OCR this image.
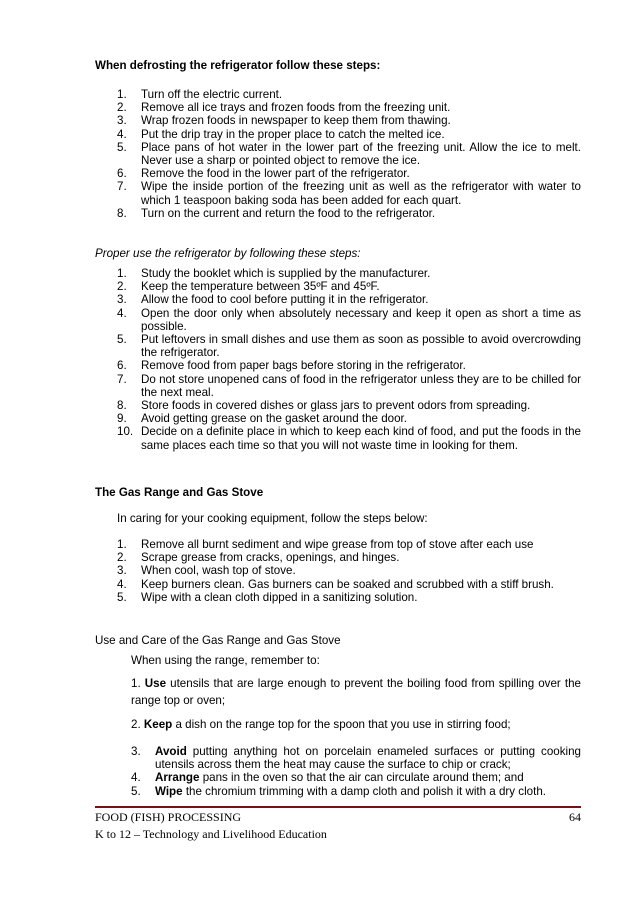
When defrosting the refrigerator follow these steps:
1.	Turn off the electric current.
2.	Remove all ice trays and frozen foods from the freezing unit.
3.	Wrap frozen foods in newspaper to keep them from thawing.
4.	Put the drip tray in the proper place to catch the melted ice.
5.	Place pans of hot water in the lower part of the freezing unit. Allow the ice to melt. Never use a sharp or pointed object to remove the ice.
6.	Remove the food in the lower part of the refrigerator.
7.	Wipe the inside portion of the freezing unit as well as the refrigerator with water to which 1 teaspoon baking soda has been added for each quart.
8.	Turn on the current and return the food to the refrigerator.
Proper use the refrigerator by following these steps:
1.	Study the booklet which is supplied by the manufacturer.
2.	Keep the temperature between 35ºF and 45ºF.
3.	Allow the food to cool before putting it in the refrigerator.
4.	Open the door only when absolutely necessary and keep it open as short a time as possible.
5.	Put leftovers in small dishes and use them as soon as possible to avoid overcrowding the refrigerator.
6.	Remove food from paper bags before storing in the refrigerator.
7.	Do not store unopened cans of food in the refrigerator unless they are to be chilled for the next meal.
8.	Store foods in covered dishes or glass jars to prevent odors from spreading.
9.	Avoid getting grease on the gasket around the door.
10. Decide on a definite place in which to keep each kind of food, and put the foods in the same places each time so that you will not waste time in looking for them.
The Gas Range and Gas Stove
In caring for your cooking equipment, follow the steps below:
1.	Remove all burnt sediment and wipe grease from top of stove after each use
2.	Scrape grease from cracks, openings, and hinges.
3.	When cool, wash top of stove.
4.	Keep burners clean. Gas burners can be soaked and scrubbed with a stiff brush.
5.	Wipe with a clean cloth dipped in a sanitizing solution.
Use and Care of the Gas Range and Gas Stove
When using the range, remember to:
1. Use utensils that are large enough to prevent the boiling food from spilling over the range top or oven;
2. Keep a dish on the range top for the spoon that you use in stirring food;
3.	Avoid putting anything hot on porcelain enameled surfaces or putting cooking utensils across them the heat may cause the surface to chip or crack;
4.	Arrange pans in the oven so that the air can circulate around them; and
5.	Wipe the chromium trimming with a damp cloth and polish it with a dry cloth.
FOOD (FISH) PROCESSING
K to 12 – Technology and Livelihood Education
64
